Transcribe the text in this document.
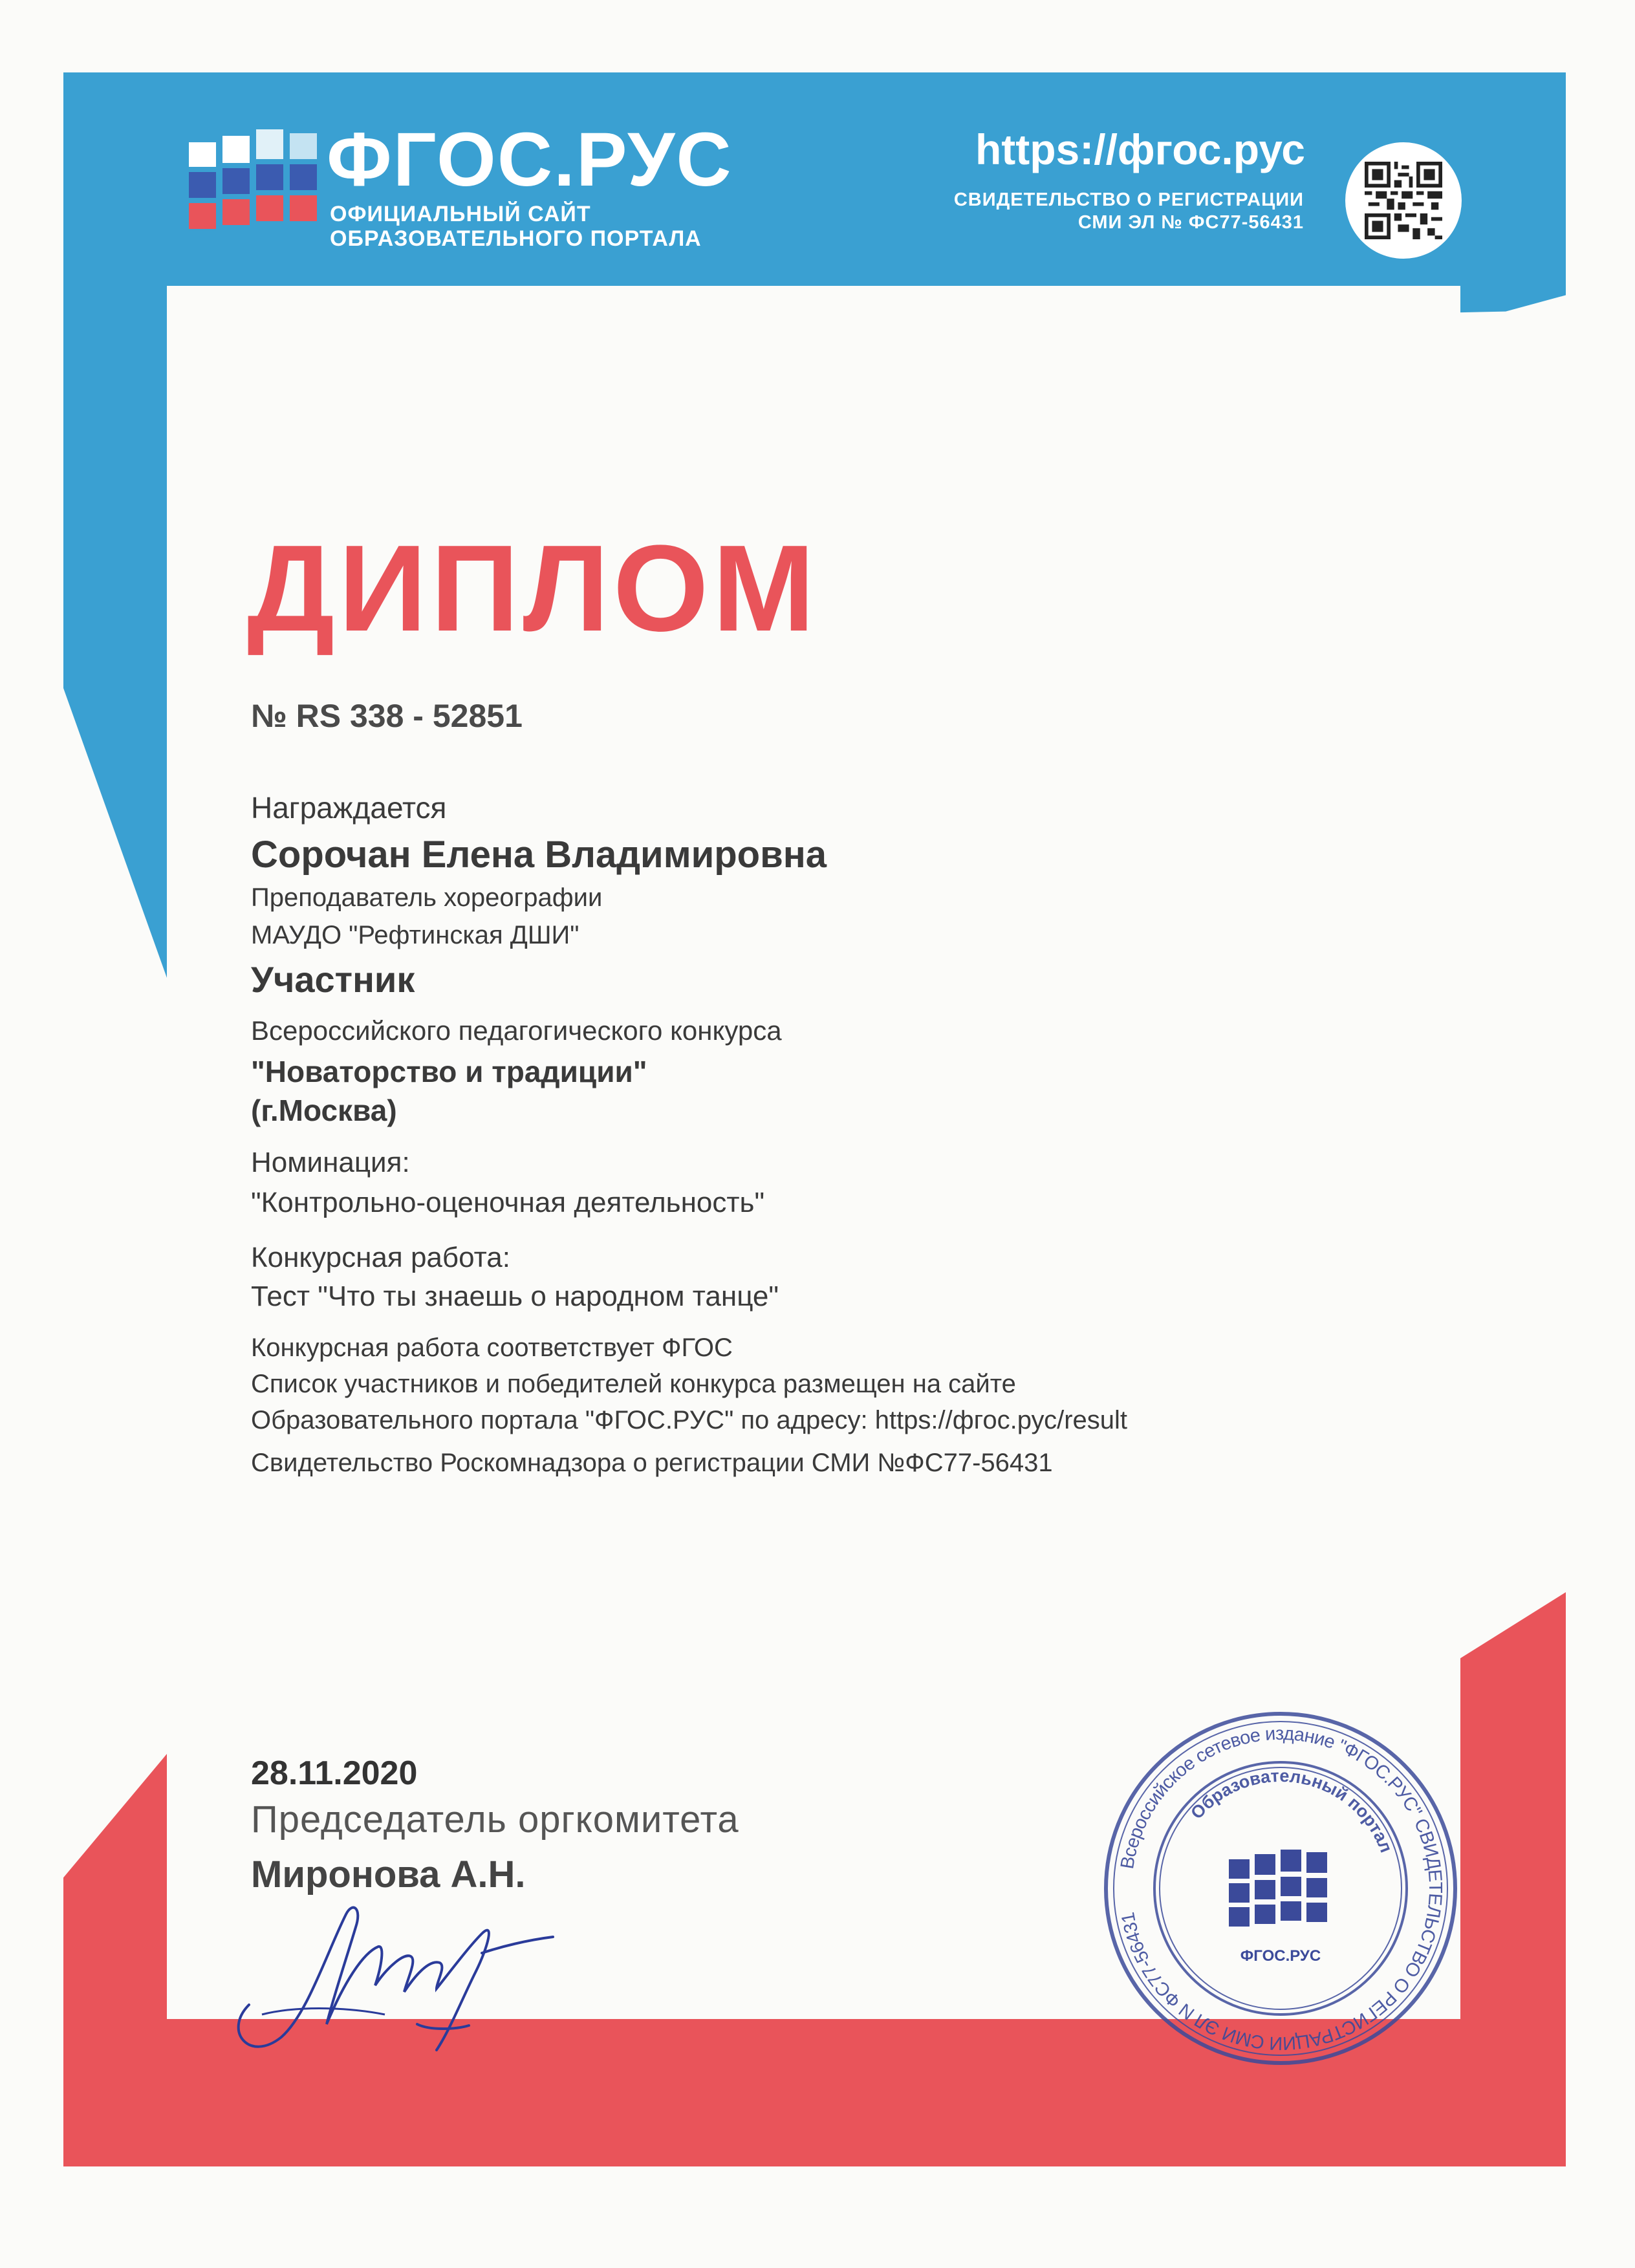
ФГОС.РУС
ОФИЦИАЛЬНЫЙ САЙТ
ОБРАЗОВАТЕЛЬНОГО ПОРТАЛА
https://фгос.рус
СВИДЕТЕЛЬСТВО О РЕГИСТРАЦИИ
СМИ ЭЛ № ФС77-56431
ДИПЛОМ
№ RS 338 - 52851
Награждается
Сорочан Елена Владимировна
Преподаватель хореографии
МАУДО "Рефтинская ДШИ"
Участник
Всероссийского педагогического конкурса
"Новаторство и традиции"
(г.Москва)
Номинация:
"Контрольно-оценочная деятельность"
Конкурсная работа:
Тест "Что ты знаешь о народном танце"
Конкурсная работа соответствует ФГОС
Список участников и победителей конкурса размещен на сайте
Образовательного портала "ФГОС.РУС" по адресу: https://фгос.рус/result
Свидетельство Роскомнадзора о регистрации СМИ №ФС77-56431
28.11.2020
Председатель оргкомитета
Миронова А.Н.	Всероссийское сетевое издание "ФГОС.РУС" СВИДЕТЕЛЬСТВО О РЕГИСТРАЦИИ СМИ ЭЛ N ФС77-56431
Образовательный портал
ФГОС.РУС
